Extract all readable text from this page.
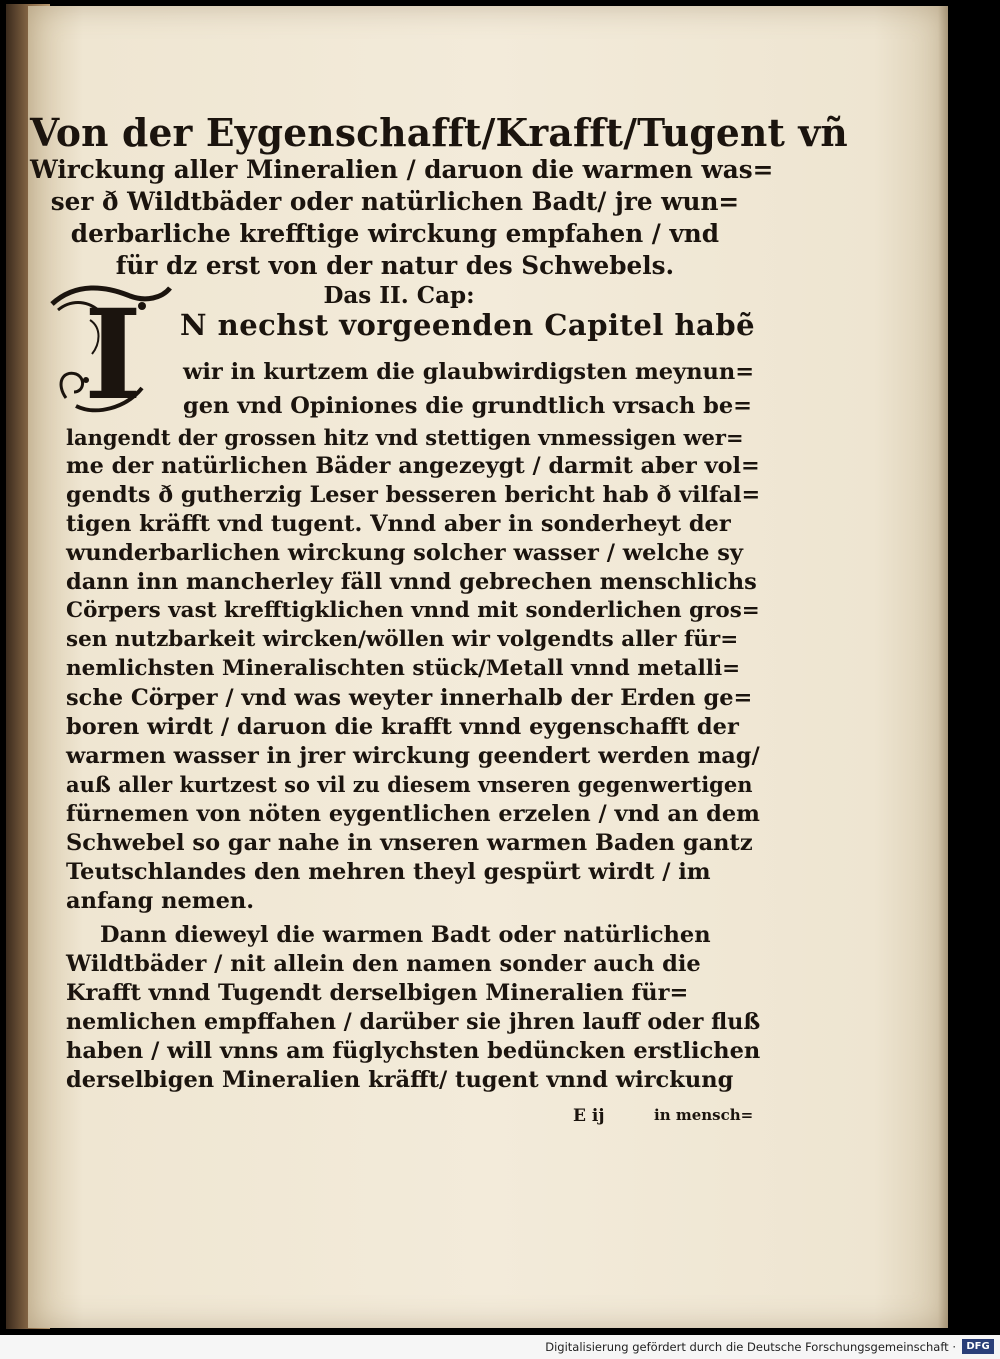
Von der Eygenschafft/Krafft/Tugent vñ
Wirckung aller Mineralien / daruon die warmen was=
ser ð Wildtbäder oder natürlichen Badt/ jre wun=
derbarliche krefftige wirckung empfahen / vnd
für dz erst von der natur des Schwebels.
Das II. Cap:
I N nechst vorgeenden Capitel habẽ
wir in kurtzem die glaubwirdigsten meynun=
gen vnd Opiniones die grundtlich vrsach be=
langendt der grossen hitz vnd stettigen vnmessigen wer=
me der natürlichen Bäder angezeygt / darmit aber vol=
gendts ð gutherzig Leser besseren bericht hab ð vilfal=
tigen kräfft vnd tugent. Vnnd aber in sonderheyt der
wunderbarlichen wirckung solcher wasser / welche sy
dann inn mancherley fäll vnnd gebrechen menschlichs
Cörpers vast krefftigklichen vnnd mit sonderlichen gros=
sen nutzbarkeit wircken/wöllen wir volgendts aller für=
nemlichsten Mineralischten stück/Metall vnnd metalli=
sche Cörper / vnd was weyter innerhalb der Erden ge=
boren wirdt / daruon die krafft vnnd eygenschafft der
warmen wasser in jrer wirckung geendert werden mag/
auß aller kurtzest so vil zu diesem vnseren gegenwertigen
fürnemen von nöten eygentlichen erzelen / vnd an dem
Schwebel so gar nahe in vnseren warmen Baden gantz
Teutschlandes den mehren theyl gespürt wirdt / im
anfang nemen.
Dann dieweyl die warmen Badt oder natürlichen
Wildtbäder / nit allein den namen sonder auch die
Krafft vnnd Tugendt derselbigen Mineralien für=
nemlichen empffahen / darüber sie jhren lauff oder fluß
haben / will vnns am füglychsten bedüncken erstlichen
derselbigen Mineralien kräfft/ tugent vnnd wirckung
E ij	in mensch=
Digitalisierung gefördert durch die Deutsche Forschungsgemeinschaft ·	DFG
